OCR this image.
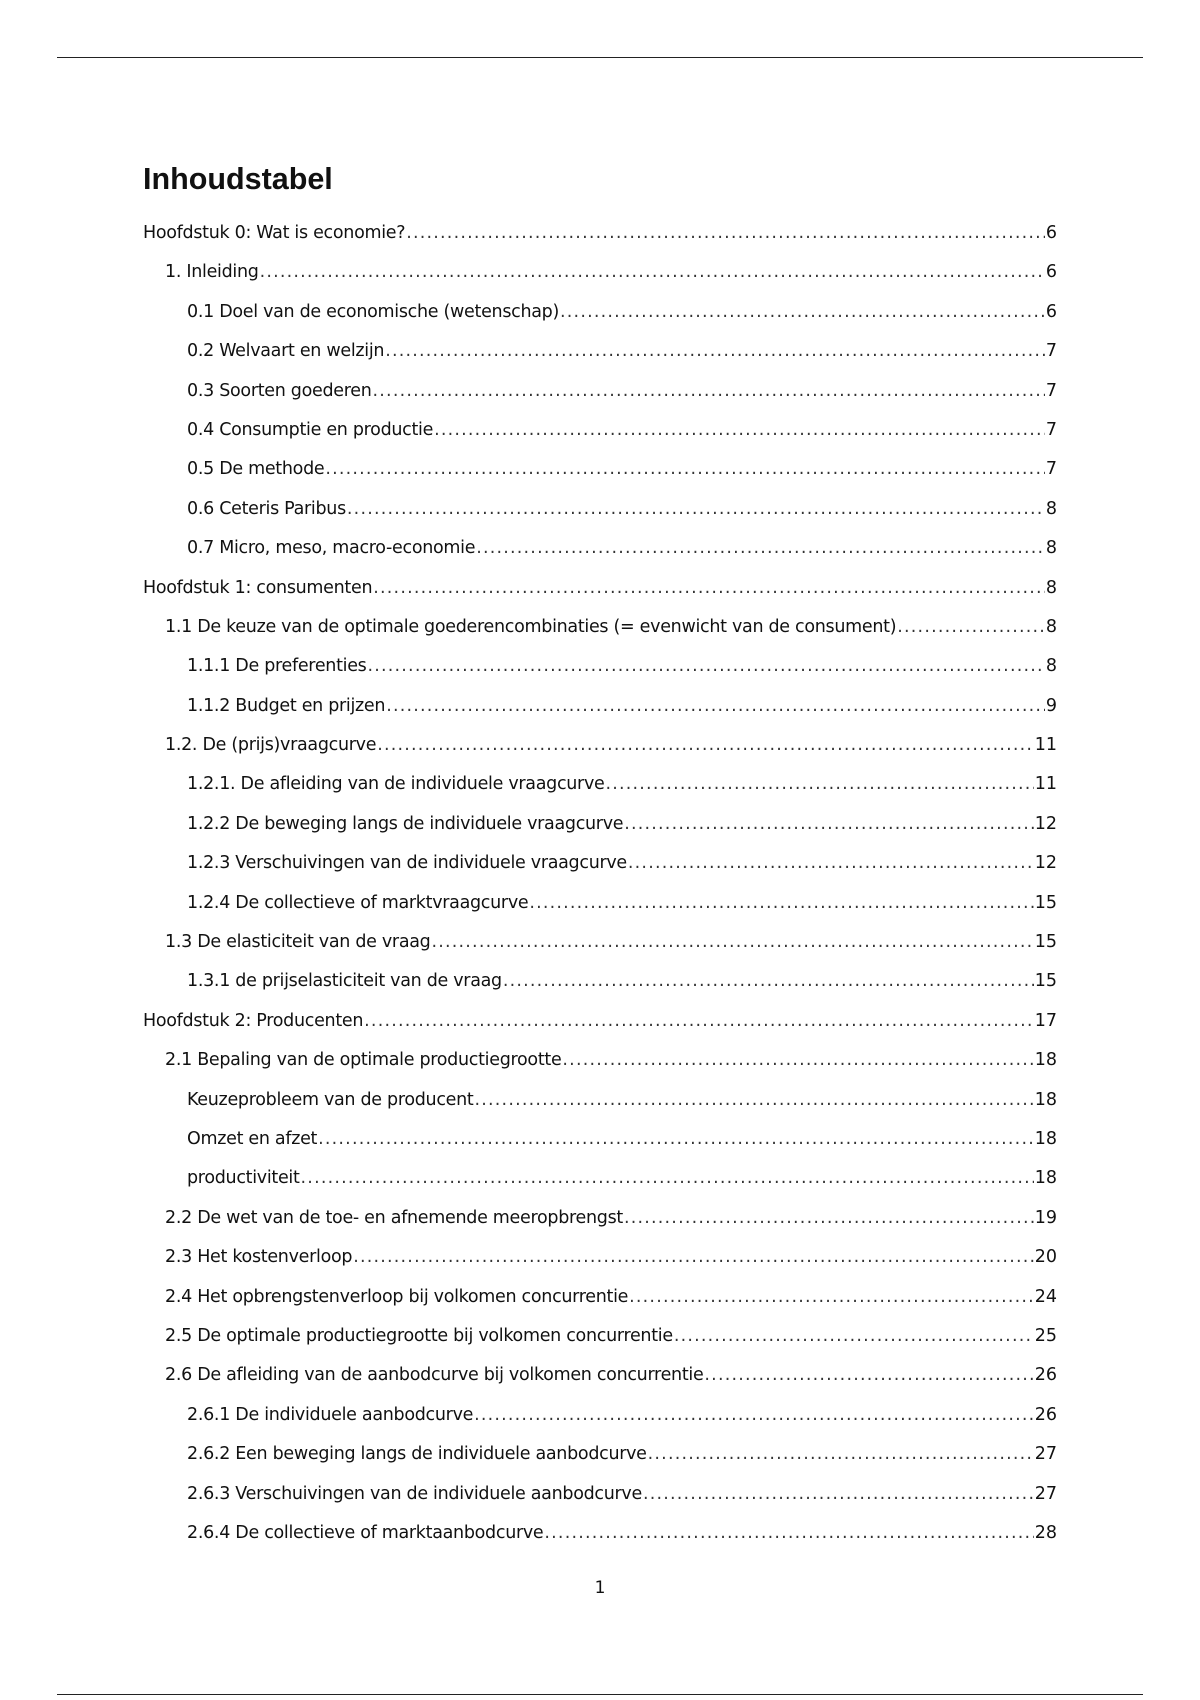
Inhoudstabel
Hoofdstuk 0: Wat is economie? .....	6
1. Inleiding .....	6
0.1 Doel van de economische (wetenschap) .....	6
0.2 Welvaart en welzijn .....	7
0.3 Soorten goederen .....	7
0.4 Consumptie en productie .....	7
0.5 De methode .....	7
0.6 Ceteris Paribus .....	8
0.7 Micro, meso, macro-economie .....	8
Hoofdstuk 1: consumenten .....	8
1.1 De keuze van de optimale goederencombinaties (= evenwicht van de consument) .....	8
1.1.1 De preferenties .....	8
1.1.2 Budget en prijzen .....	9
1.2. De (prijs)vraagcurve .....	11
1.2.1. De afleiding van de individuele vraagcurve .....	11
1.2.2 De beweging langs de individuele vraagcurve .....	12
1.2.3 Verschuivingen van de individuele vraagcurve .....	12
1.2.4 De collectieve of marktvraagcurve .....	15
1.3 De elasticiteit van de vraag .....	15
1.3.1 de prijselasticiteit van de vraag .....	15
Hoofdstuk 2: Producenten .....	17
2.1 Bepaling van de optimale productiegrootte .....	18
Keuzeprobleem van de producent .....	18
Omzet en afzet .....	18
productiviteit .....	18
2.2 De wet van de toe- en afnemende meeropbrengst .....	19
2.3 Het kostenverloop .....	20
2.4 Het opbrengstenverloop bij volkomen concurrentie .....	24
2.5 De optimale productiegrootte bij volkomen concurrentie .....	25
2.6 De afleiding van de aanbodcurve bij volkomen concurrentie .....	26
2.6.1 De individuele aanbodcurve .....	26
2.6.2 Een beweging langs de individuele aanbodcurve .....	27
2.6.3 Verschuivingen van de individuele aanbodcurve .....	27
2.6.4 De collectieve of marktaanbodcurve .....	28
1
